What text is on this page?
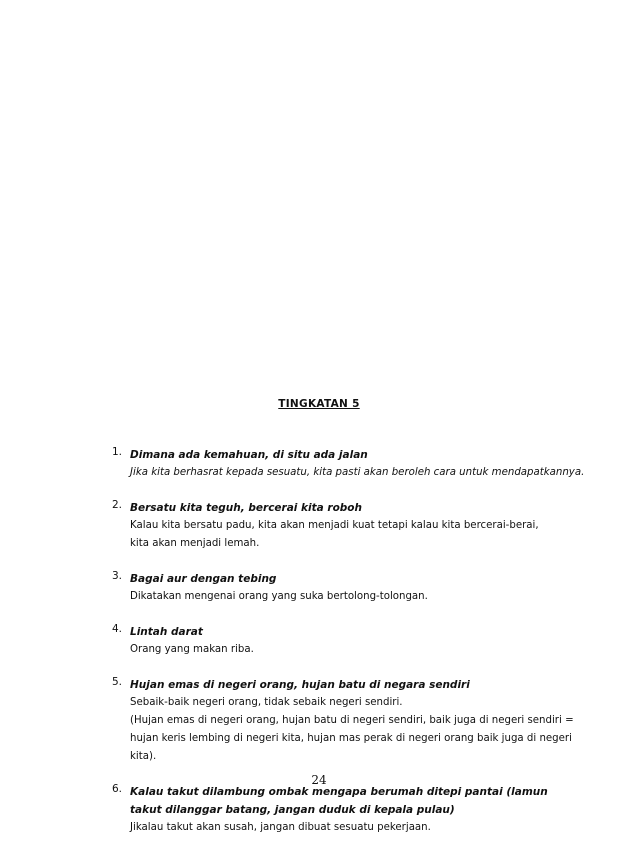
TINGKATAN 5
1. Dimana ada kemahuan, di situ ada jalan
Jika kita berhasrat kepada sesuatu, kita pasti akan beroleh cara untuk mendapatkannya.
2. Bersatu kita teguh, bercerai kita roboh
Kalau kita bersatu padu, kita akan menjadi kuat tetapi kalau kita bercerai-berai,
kita akan menjadi lemah.
3. Bagai aur dengan tebing
Dikatakan mengenai orang yang suka bertolong-tolongan.
4. Lintah darat
Orang yang makan riba.
5. Hujan emas di negeri orang, hujan batu di negara sendiri
Sebaik-baik negeri orang, tidak sebaik negeri sendiri.
(Hujan emas di negeri orang, hujan batu di negeri sendiri, baik juga di negeri sendiri =
hujan keris lembing di negeri kita, hujan mas perak di negeri orang baik juga di negeri
kita).
6. Kalau takut dilambung ombak mengapa berumah ditepi pantai (lamun takut dilanggar batang, jangan duduk di kepala pulau)
Jikalau takut akan susah, jangan dibuat sesuatu pekerjaan.
24
